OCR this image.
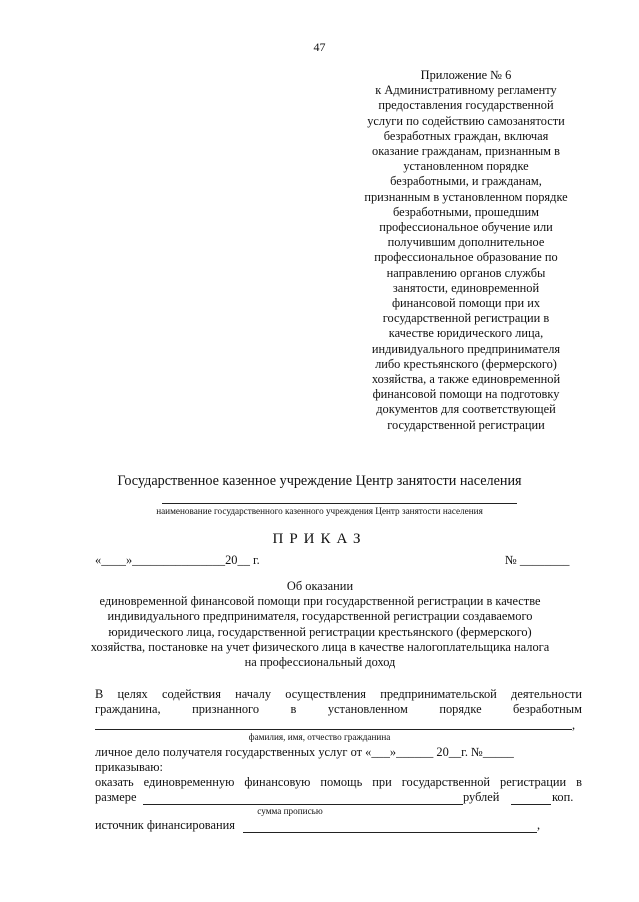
47
Приложение № 6
к Административному регламенту
предоставления государственной
услуги по содействию самозанятости
безработных граждан, включая
оказание гражданам, признанным в
установленном порядке
безработными, и гражданам,
признанным в установленном порядке
безработными, прошедшим
профессиональное обучение или
получившим дополнительное
профессиональное образование по
направлению органов службы
занятости, единовременной
финансовой помощи при их
государственной регистрации в
качестве юридического лица,
индивидуального предпринимателя
либо крестьянского (фермерского)
хозяйства, а также единовременной
финансовой помощи на подготовку
документов для соответствующей
государственной регистрации
Государственное казенное учреждение Центр занятости населения
наименование государственного казенного учреждения Центр занятости населения
ПРИКАЗ
«____»_______________20__ г.	№ ________
Об оказании
единовременной финансовой помощи при государственной регистрации в качестве
индивидуального предпринимателя, государственной регистрации создаваемого
юридического лица, государственной регистрации крестьянского (фермерского)
хозяйства, постановке на учет физического лица в качестве налогоплательщика налога
на профессиональный доход
В целях содействия началу осуществления предпринимательской деятельности
гражданина,	признанного	в	установленном	порядке	безработным
,
фамилия, имя, отчество гражданина
личное дело получателя государственных услуг от «___»______ 20__г. №_____
приказываю:
оказать единовременную финансовую помощь при государственной регистрации в
размере	рублей	коп.
сумма прописью
источник финансирования	,
